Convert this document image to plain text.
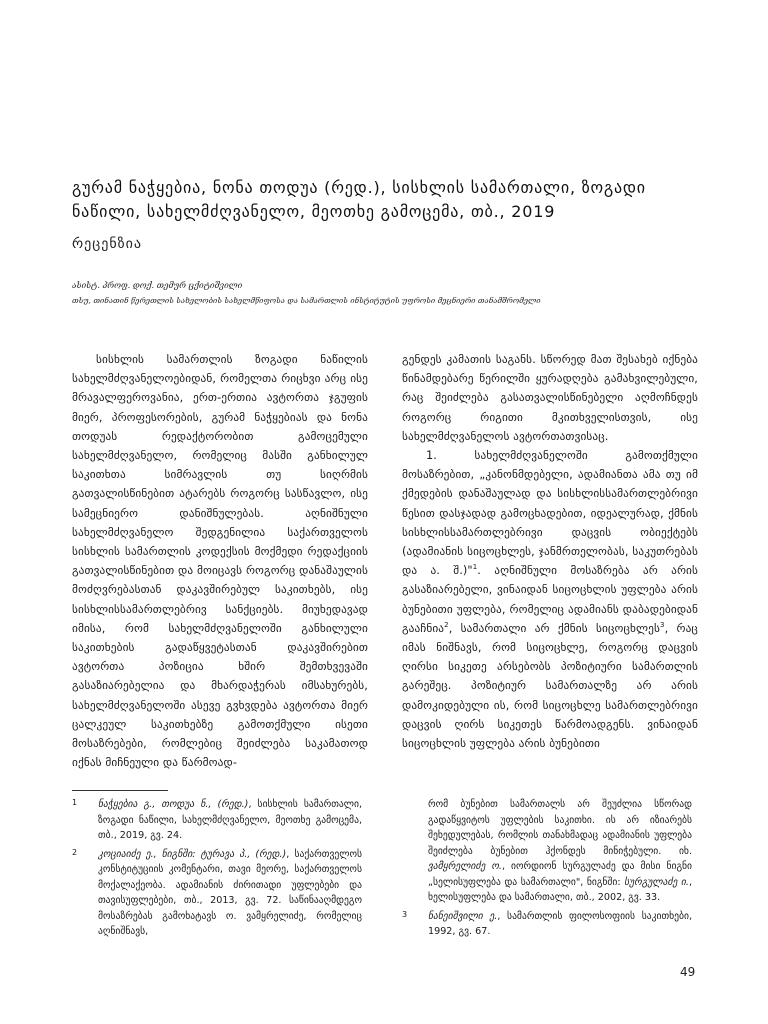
გურამ ნაჭყებია, ნონა თოდუა (რედ.), სისხლის სამართალი, ზოგადი ნაწილი, სახელმძღვანელო, მეოთხე გამოცემა, თბ., 2019
რეცენზია
ასისტ. პროფ. დოქ. თემურ ცქიტიშვილი
თსუ, თინათინ წერეთლის სახელობის სახელმწიფოსა და სამართლის ინსტიტუტის უფროსი მეცნიერი თანამშრომელი

სისხლის სამართლის ზოგადი ნაწილის სახელმძღვანელოებიდან, რომელთა რიცხვი არც ისე მრავალფეროვანია, ერთ-ერთია ავტორთა ჯგუფის მიერ, პროფესორების, გურამ ნაჭყებიას და ნონა თოდუას რედაქტორობით გამოცემული სახელმძღვანელო, რომელიც მასში განხილულ საკითხთა სიმრავლის თუ სიღრმის გათვალისწინებით ატარებს როგორც სასწავლო, ისე სამეცნიერო დანიშნულებას. აღნიშნული სახელმძღვანელო შედგენილია საქართველოს სისხლის სამართლის კოდექსის მოქმედი რედაქციის გათვალისწინებით და მოიცავს როგორც დანაშაულის მოძღვრებასთან დაკავშირებულ საკითხებს, ისე სისხლისსამართლებრივ სანქციებს. მიუხედავად იმისა, რომ სახელმძღვანელოში განხილული საკითხების გადაწყვეტასთან დაკავშირებით ავტორთა პოზიცია ხშირ შემთხვევაში გასაზიარებელია და მხარდაჭერას იმსახურებს, სახელმძღვანელოში ასევე გვხვდება ავტორთა მიერ ცალკეულ საკითხებზე გამოთქმული ისეთი მოსაზრებები, რომლებიც შეიძლება საკამათოდ იქნას მიჩნეული და წარმოად-

გენდეს კამათის საგანს. სწორედ მათ შესახებ იქნება წინამდებარე წერილში ყურადღება გამახვილებული, რაც შეიძლება გასათვალისწინებელი აღმოჩნდეს როგორც რიგითი მკითხველისთვის, ისე სახელმძღვანელოს ავტორთათვისაც.

1. სახელმძღვანელოში გამოთქმული მოსაზრებით, „კანონმდებელი, ადამიანთა ამა თუ იმ ქმედების დანაშაულად და სისხლისსამართლებრივი წესით დასჯადად გამოცხადებით, იდეალურად, ქმნის სისხლისსამართლებრივი დაცვის ობიექტებს (ადამიანის სიცოცხლეს, ჯანმრთელობას, საკუთრებას და ა. შ.)"$^1$. აღნიშნული მოსაზრება არ არის გასაზიარებელი, ვინაიდან სიცოცხლის უფლება არის ბუნებითი უფლება, რომელიც ადამიანს დაბადებიდან გააჩნია$^2$, სამართალი არ ქმნის სიცოცხლეს$^3$, რაც იმას ნიშნავს, რომ სიცოცხლე, როგორც დაცვის ღირსი სიკეთე არსებობს პოზიტიური სამართლის გარეშეც. პოზიტიურ სამართალზე არ არის დამოკიდებული ის, რომ სიცოცხლე სამართლებრივი დაცვის ღირს სიკეთეს წარმოადგენს. ვინაიდან სიცოცხლის უფლება არის ბუნებითი

1 ნაჭყებია გ., თოდუა ნ., (რედ.), სისხლის სამართალი, ზოგადი ნაწილი, სახელმძღვანელო, მეოთხე გამოცემა, თბ., 2019, გვ. 24.
2 კოციაიძე ე., ნიგნში: ტურავა პ., (რედ.), საქართველოს კონსტიტუციის კომენტარი, თავი მეორე, საქართველოს მოქალაქეობა. ადამიანის ძირითადი უფლებები და თავისუფლებები, თბ., 2013, გვ. 72. საწინააღმდეგო მოსაზრებას გამოხატავს ო. ვამყრელიძე, რომელიც აღნიშნავს,
რომ ბუნებით სამართალს არ შეუძლია სწორად გადაწყვიტოს უფლების საკითხი. ის არ იზიარებს შეხედულებას, რომლის თანახმადაც ადამიანის უფლება შეიძლება ბუნებით ჰქონდეს მინიჭებული. იხ. ვამყრელიძე ო., იორდიონ სურგულაძე და მისი ნიგნი „სელისუფლება და სამართალი", ნიგნში: სურგულაძე ი., ხელისუფლება და სამართალი, თბ., 2002, გვ. 33.
3 ნანეიშვილი ე., სამართლის ფილოსოფიის საკითხები, 1992, გვ. 67.
49
